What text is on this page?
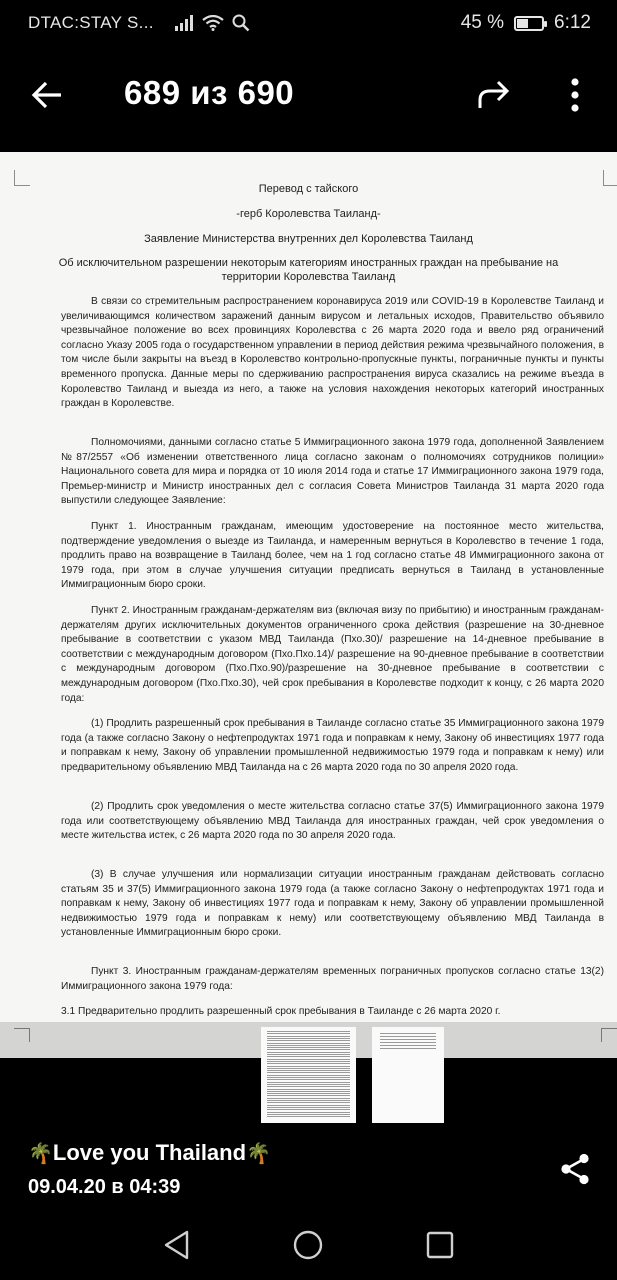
DTAC:STAY S...	45 %	6:12
689 из 690
Перевод с тайского
-герб Королевства Таиланд-
Заявление Министерства внутренних дел Королевства Таиланд
Об исключительном разрешении некоторым категориям иностранных граждан на пребывание на
территории Королевства Таиланд
В связи со стремительным распространением коронавируса 2019 или COVID-19 в Королевстве Таиланд и увеличивающимся количеством заражений данным вирусом и летальных исходов, Правительство объявило чрезвычайное положение во всех провинциях Королевства с 26 марта 2020 года и ввело ряд ограничений согласно Указу 2005 года о государственном управлении в период действия режима чрезвычайного положения, в том числе были закрыты на въезд в Королевство контрольно-пропускные пункты, пограничные пункты и пункты временного пропуска. Данные меры по сдерживанию распространения вируса сказались на режиме въезда в Королевство Таиланд и выезда из него, а также на условия нахождения некоторых категорий иностранных граждан в Королевстве.
Полномочиями, данными согласно статье 5 Иммиграционного закона 1979 года, дополненной Заявлением №87/2557 «Об изменении ответственного лица согласно законам о полномочиях сотрудников полиции» Национального совета для мира и порядка от 10 июля 2014 года и статье 17 Иммиграционного закона 1979 года, Премьер-министр и Министр иностранных дел с согласия Совета Министров Таиланда 31 марта 2020 года выпустили следующее Заявление:
Пункт 1. Иностранным гражданам, имеющим удостоверение на постоянное место жительства, подтверждение уведомления о выезде из Таиланда, и намеренным вернуться в Королевство в течение 1 года, продлить право на возвращение в Таиланд более, чем на 1 год согласно статье 48 Иммиграционного закона от 1979 года, при этом в случае улучшения ситуации предписать вернуться в Таиланд в установленные Иммиграционным бюро сроки.
Пункт 2. Иностранным гражданам-держателям виз (включая визу по прибытию) и иностранным гражданам-держателям других исключительных документов ограниченного срока действия (разрешение на 30-дневное пребывание в соответствии с указом МВД Таиланда (Пхо.30)/ разрешение на 14-дневное пребывание в соответствии с международным договором (Пхо.Пхо.14)/ разрешение на 90-дневное пребывание в соответствии с международным договором (Пхо.Пхо.90)/разрешение на 30-дневное пребывание в соответствии с международным договором (Пхо.Пхо.30), чей срок пребывания в Королевстве подходит к концу, с 26 марта 2020 года:
(1) Продлить разрешенный срок пребывания в Таиланде согласно статье 35 Иммиграционного закона 1979 года (а также согласно Закону о нефтепродуктах 1971 года и поправкам к нему, Закону об инвестициях 1977 года и поправкам к нему, Закону об управлении промышленной недвижимостью 1979 года и поправкам к нему) или предварительному объявлению МВД Таиланда на с 26 марта 2020 года по 30 апреля 2020 года.
(2) Продлить срок уведомления о месте жительства согласно статье 37(5) Иммиграционного закона 1979 года или соответствующему объявлению МВД Таиланда для иностранных граждан, чей срок уведомления о месте жительства истек, с 26 марта 2020 года по 30 апреля 2020 года.
(3) В случае улучшения или нормализации ситуации иностранным гражданам действовать согласно статьям 35 и 37(5) Иммиграционного закона 1979 года (а также согласно Закону о нефтепродуктах 1971 года и поправкам к нему, Закону об инвестициях 1977 года и поправкам к нему, Закону об управлении промышленной недвижимостью 1979 года и поправкам к нему) или соответствующему объявлению МВД Таиланда в установленные Иммиграционным бюро сроки.
Пункт 3. Иностранным гражданам-держателям временных пограничных пропусков согласно статье 13(2) Иммиграционного закона 1979 года:
3.1 Предварительно продлить разрешенный срок пребывания в Таиланде с 26 марта 2020 г.
🌴Love you Thailand🌴
09.04.20 в 04:39
